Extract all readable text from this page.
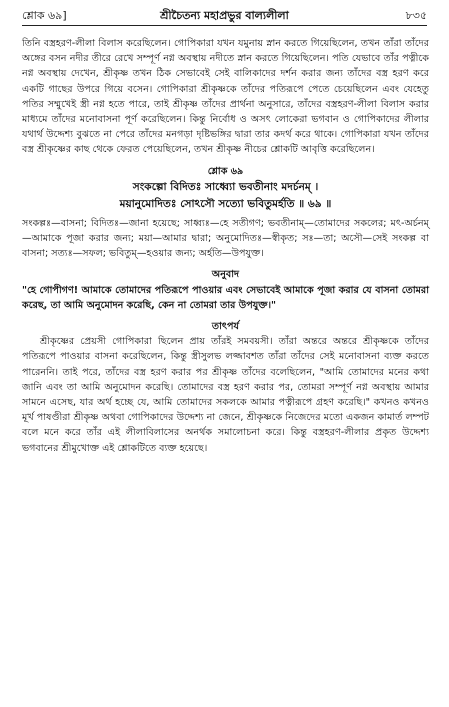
শ্লোক ৬৯]	শ্রীচৈতন্য মহাপ্রভুর বাল্যলীলা	৮৩৫

তিনি বস্ত্রহরণ-লীলা বিলাস করেছিলেন। গোপিকারা যখন যমুনায় স্নান করতে গিয়েছিলেন, তখন তাঁরা তাঁদের অঙ্গের বসন নদীর তীরে রেখে সম্পূর্ণ নগ্ন অবস্থায় নদীতে স্নান করতে গিয়েছিলেন। পতি যেভাবে তাঁর পত্নীকে নগ্ন অবস্থায় দেখেন, শ্রীকৃষ্ণ তখন ঠিক সেভাবেই সেই বালিকাদের দর্শন করার জন্য তাঁদের বস্ত্র হরণ করে একটি গাছের উপরে গিয়ে বসেন। গোপিকারা শ্রীকৃষ্ণকে তাঁদের পতিরূপে পেতে চেয়েছিলেন এবং যেহেতু পতির সম্মুখেই স্ত্রী নগ্ন হতে পারে, তাই শ্রীকৃষ্ণ তাঁদের প্রার্থনা অনুসারে, তাঁদের বস্ত্রহরণ-লীলা বিলাস করার মাধ্যমে তাঁদের মনোবাসনা পূর্ণ করেছিলেন। কিন্তু নির্বোধ ও অসৎ লোকেরা ভগবান ও গোপিকাদের লীলার যথার্থ উদ্দেশ্য বুঝতে না পেরে তাঁদের মনগড়া দৃষ্টিভঙ্গির দ্বারা তার কদর্থ করে থাকে। গোপিকারা যখন তাঁদের বস্ত্র শ্রীকৃষ্ণের কাছ থেকে ফেরত পেয়েছিলেন, তখন শ্রীকৃষ্ণ নীচের শ্লোকটি আবৃত্তি করেছিলেন।

শ্লোক ৬৯

সংকল্পো বিদিতঃ সাধ্ব্যো ভবতীনাং মদর্চনম্ ।
ময়ানুমোদিতঃ সোঽসৌ সত্যো ভবিতুমর্হতি ॥ ৬৯ ॥

সংকল্পঃ—বাসনা; বিদিতঃ—জানা হয়েছে; সাধ্ব্যঃ—হে সতীগণ; ভবতীনাম্—তোমাদের সকলের; মৎ-অর্চনম্—আমাকে পূজা করার জন্য; ময়া—আমার দ্বারা; অনুমোদিতঃ—স্বীকৃত; সঃ—তা; অসৌ—সেই সংকল্প বা বাসনা; সত্যঃ—সফল; ভবিতুম্—হওয়ার জন্য; অর্হতি—উপযুক্ত।

অনুবাদ

"হে গোপীগণ! আমাকে তোমাদের পতিরূপে পাওয়ার এবং সেভাবেই আমাকে পূজা করার যে বাসনা তোমরা করেছ, তা আমি অনুমোদন করেছি, কেন না তোমরা তার উপযুক্ত।"

তাৎপর্য

শ্রীকৃষ্ণের প্রেয়সী গোপিকারা ছিলেন প্রায় তাঁরই সমবয়সী। তাঁরা অন্তরে অন্তরে শ্রীকৃষ্ণকে তাঁদের পতিরূপে পাওয়ার বাসনা করেছিলেন, কিন্তু স্ত্রীসুলভ লজ্জাবশত তাঁরা তাঁদের সেই মনোবাসনা ব্যক্ত করতে পারেননি। তাই পরে, তাঁদের বস্ত্র হরণ করার পর শ্রীকৃষ্ণ তাঁদের বলেছিলেন, "আমি তোমাদের মনের কথা জানি এবং তা আমি অনুমোদন করেছি। তোমাদের বস্ত্র হরণ করার পর, তোমরা সম্পূর্ণ নগ্ন অবস্থায় আমার সামনে এসেছ, যার অর্থ হচ্ছে যে, আমি তোমাদের সকলকে আমার পত্নীরূপে গ্রহণ করেছি।" কখনও কখনও মূর্খ পাষণ্ডীরা শ্রীকৃষ্ণ অথবা গোপিকাদের উদ্দেশ্য না জেনে, শ্রীকৃষ্ণকে নিজেদের মতো একজন কামার্ত লম্পট বলে মনে করে তাঁর এই লীলাবিলাসের অনর্থক সমালোচনা করে। কিন্তু বস্ত্রহরণ-লীলার প্রকৃত উদ্দেশ্য ভগবানের শ্রীমুখোক্ত এই শ্লোকটিতে ব্যক্ত হয়েছে।
